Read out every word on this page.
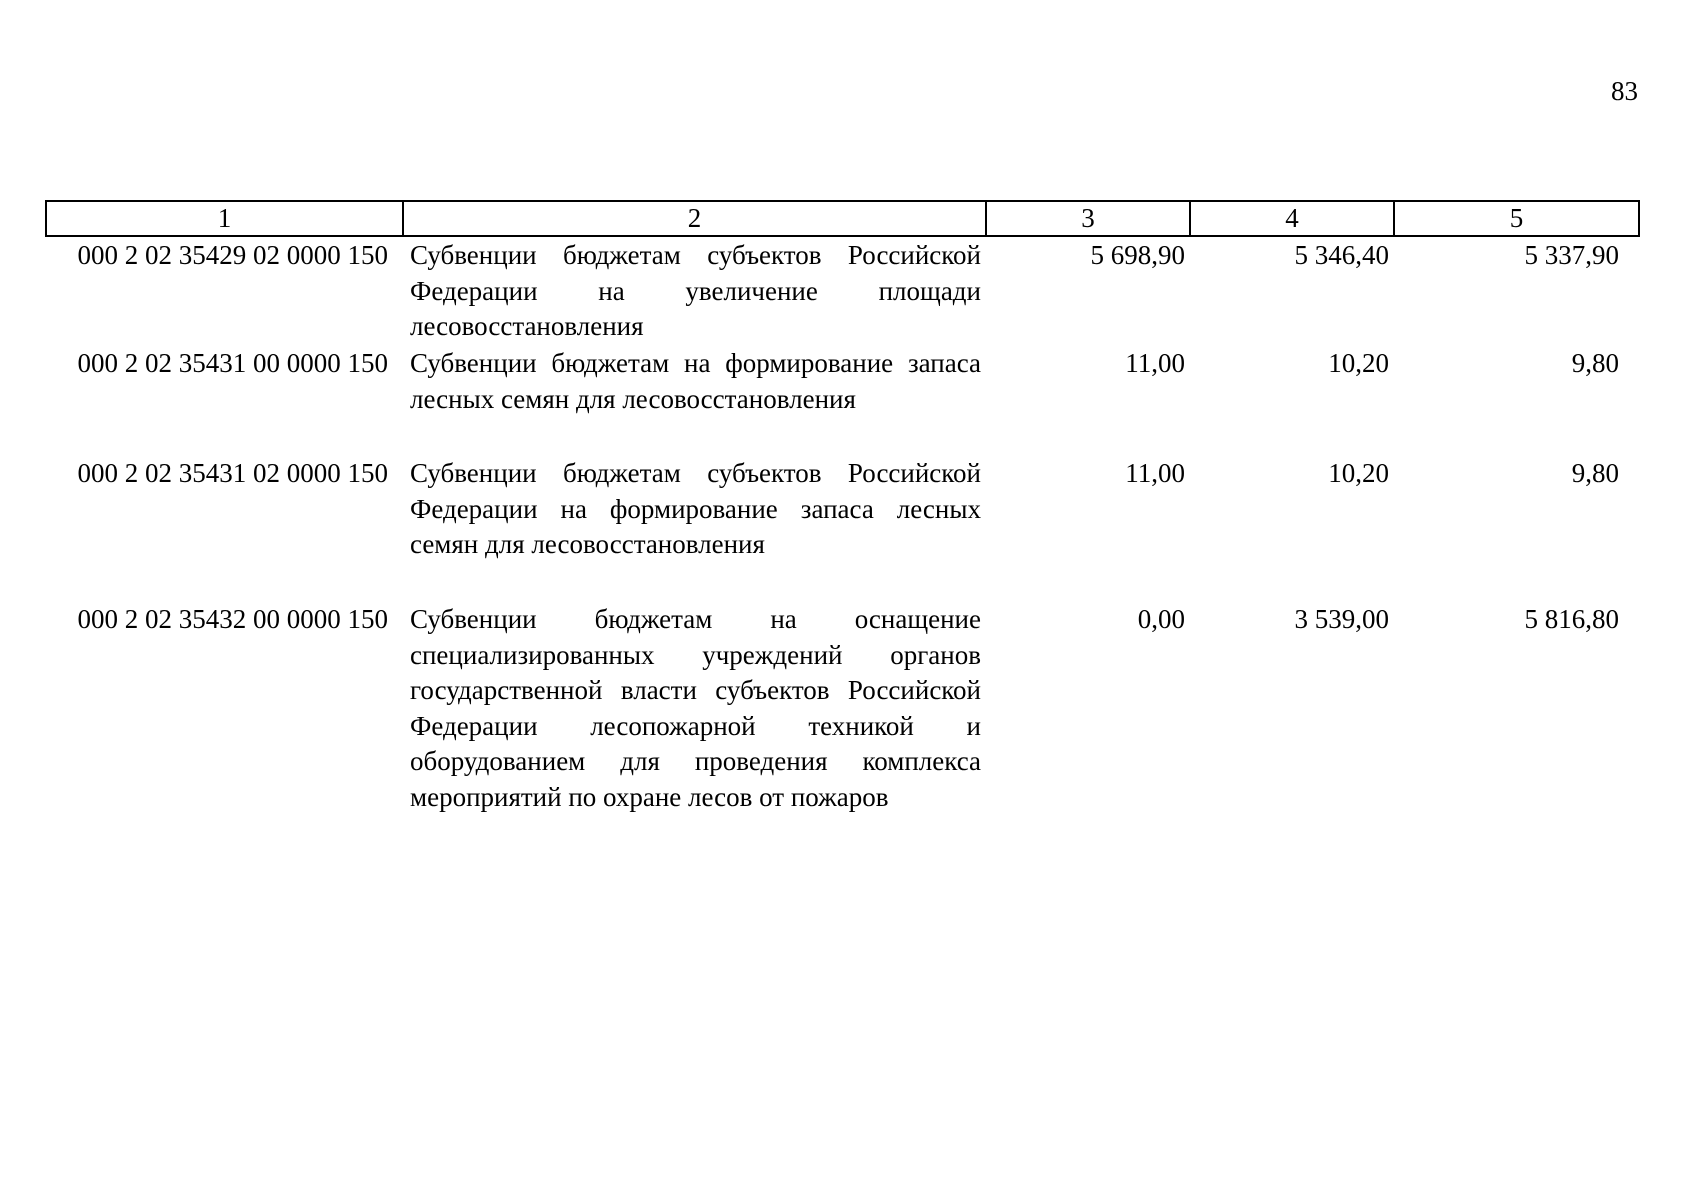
83
1	2	3	4	5
000 2 02 35429 02 0000 150	Субвенции бюджетам субъектов Российской Федерации на увеличение площади лесовосстановления	5 698,90	5 346,40	5 337,90
000 2 02 35431 00 0000 150	Субвенции бюджетам на формирование запаса лесных семян для лесовосстановления	11,00	10,20	9,80
000 2 02 35431 02 0000 150	Субвенции бюджетам субъектов Российской Федерации на формирование запаса лесных семян для лесовосстановления	11,00	10,20	9,80
000 2 02 35432 00 0000 150	Субвенции бюджетам на оснащение специализированных учреждений органов государственной власти субъектов Российской Федерации лесопожарной техникой и оборудованием для проведения комплекса мероприятий по охране лесов от пожаров	0,00	3 539,00	5 816,80
